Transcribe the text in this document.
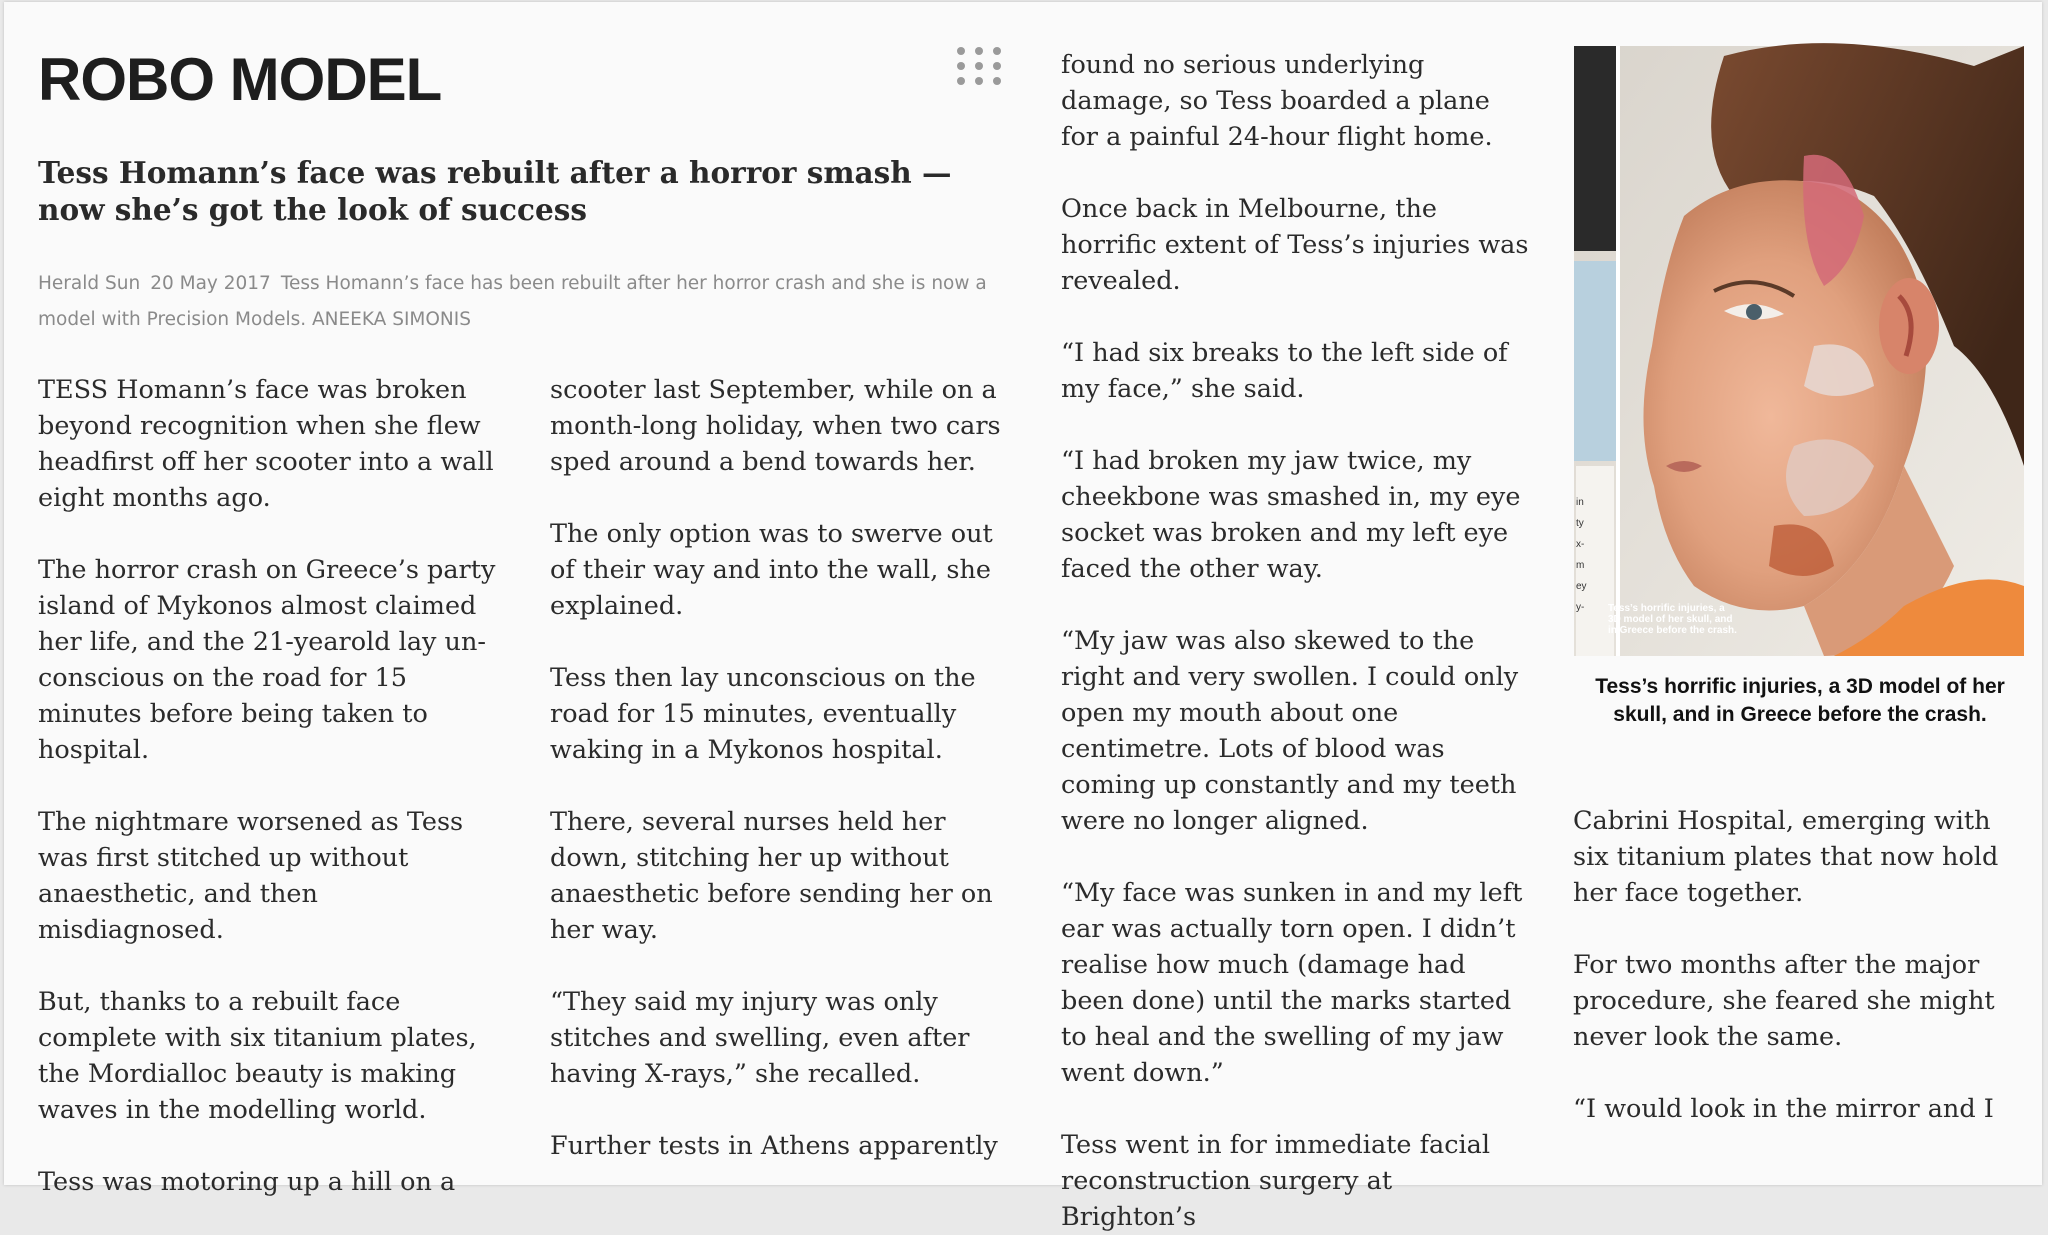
ROBO MODEL
Tess Homann’s face was rebuilt after a horror smash — now she’s got the look of success
Herald Sun 20 May 2017 Tess Homann’s face has been rebuilt after her horror crash and she is now a model with Precision Models. ANEEKA SIMONIS

TESS Homann’s face was broken beyond recognition when she flew headfirst off her scooter into a wall eight months ago.

The horror crash on Greece’s party island of Mykonos almost claimed her life, and the 21-yearold lay unconscious on the road for 15 minutes before being taken to hospital.

The nightmare worsened as Tess was first stitched up without anaesthetic, and then misdiagnosed.

But, thanks to a rebuilt face complete with six titanium plates, the Mordialloc beauty is making waves in the modelling world.

Tess was motoring up a hill on a

scooter last September, while on a month-long holiday, when two cars sped around a bend towards her.

The only option was to swerve out of their way and into the wall, she explained.

Tess then lay unconscious on the road for 15 minutes, eventually waking in a Mykonos hospital.

There, several nurses held her down, stitching her up without anaesthetic before sending her on her way.

“They said my injury was only stitches and swelling, even after having X-rays,” she recalled.

Further tests in Athens apparently

found no serious underlying damage, so Tess boarded a plane for a painful 24-hour flight home.

Once back in Melbourne, the horrific extent of Tess’s injuries was revealed.

“I had six breaks to the left side of my face,” she said.

“I had broken my jaw twice, my cheekbone was smashed in, my eye socket was broken and my left eye faced the other way.

“My jaw was also skewed to the right and very swollen. I could only open my mouth about one centimetre. Lots of blood was coming up constantly and my teeth were no longer aligned.

“My face was sunken in and my left ear was actually torn open. I didn’t realise how much (damage had been done) until the marks started to heal and the swelling of my jaw went down.”

Tess went in for immediate facial reconstruction surgery at Brighton’s

Tess’s horrific injuries, a 3D model of her skull, and in Greece before the crash.
in
ty
x-
m
ey
y-
Tess’s horrific injuries, a 3D model of her skull, and in Greece before the crash.

Cabrini Hospital, emerging with six titanium plates that now hold her face together.

For two months after the major procedure, she feared she might never look the same.

“I would look in the mirror and I
